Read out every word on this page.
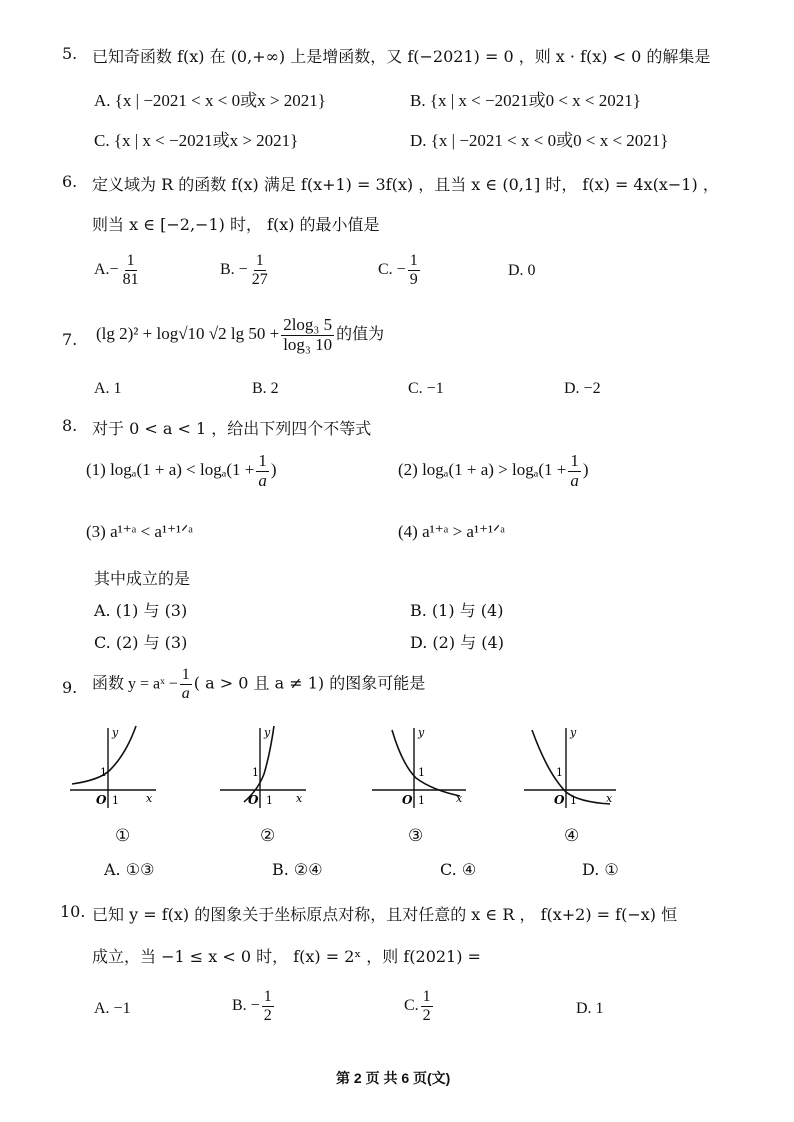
5. 已知奇函数 f(x) 在 (0,+∞) 上是增函数，又 f(−2021) = 0 ，则 x · f(x) < 0 的解集是
A. {x | −2021 < x < 0或x > 2021}	B. {x | x < −2021或0 < x < 2021}
C. {x | x < −2021或x > 2021}	D. {x | −2021 < x < 0或0 < x < 2021}
6. 定义域为 R 的函数 f(x) 满足 f(x+1) = 3f(x) ，且当 x ∈ (0,1] 时， f(x) = 4x(x−1) ，
则当 x ∈ [−2,−1) 时， f(x) 的最小值是
$A.- \frac{1}{81}$	B. − $\frac{1}{27}$	C. − $\frac{1}{9}$	D. 0
7. (lg 2)² + log√10 √2 $\lg 50 + \frac{\text{2log₃ 5}}{\text{log₃ 10}}$ 的值为
A. 1	B. 2	C. −1	D. −2
8. 对于 0 < a < 1 ，给出下列四个不等式
(1) $\log_a(1 + a) < \log_a(1 + \frac{1}{a}$ )	(2) $\log_a(1 + a) > \log_a(1 + \frac{1}{a}$ )
(3) a¹⁺ᵃ < a¹⁺¹ᐟᵃ	(4) a¹⁺ᵃ > a¹⁺¹ᐟᵃ
其中成立的是
A. (1) 与 (3)	B. (1) 与 (4)
C. (2) 与 (3)	D. (2) 与 (4)
9. 函数 y = aˣ − $\frac{1}{a}$ ( a > 0 且 a ≠ 1) 的图象可能是
y
x
O 1
1
y
x
O 1
1
y
x
O 1
1
y
x
O 1
1
①	②	③	④
A. ①③	B. ②④	C. ④	D. ①
10. 已知 y = f(x) 的图象关于坐标原点对称，且对任意的 x ∈ R ， f(x+2) = f(−x) 恒
成立，当 −1 ≤ x < 0 时， f(x) = 2ˣ ，则 f(2021) =
A. −1	B. − $\frac{1}{2}$	C. $\frac{1}{2}$	D. 1
第 2 页 共 6 页(文)
